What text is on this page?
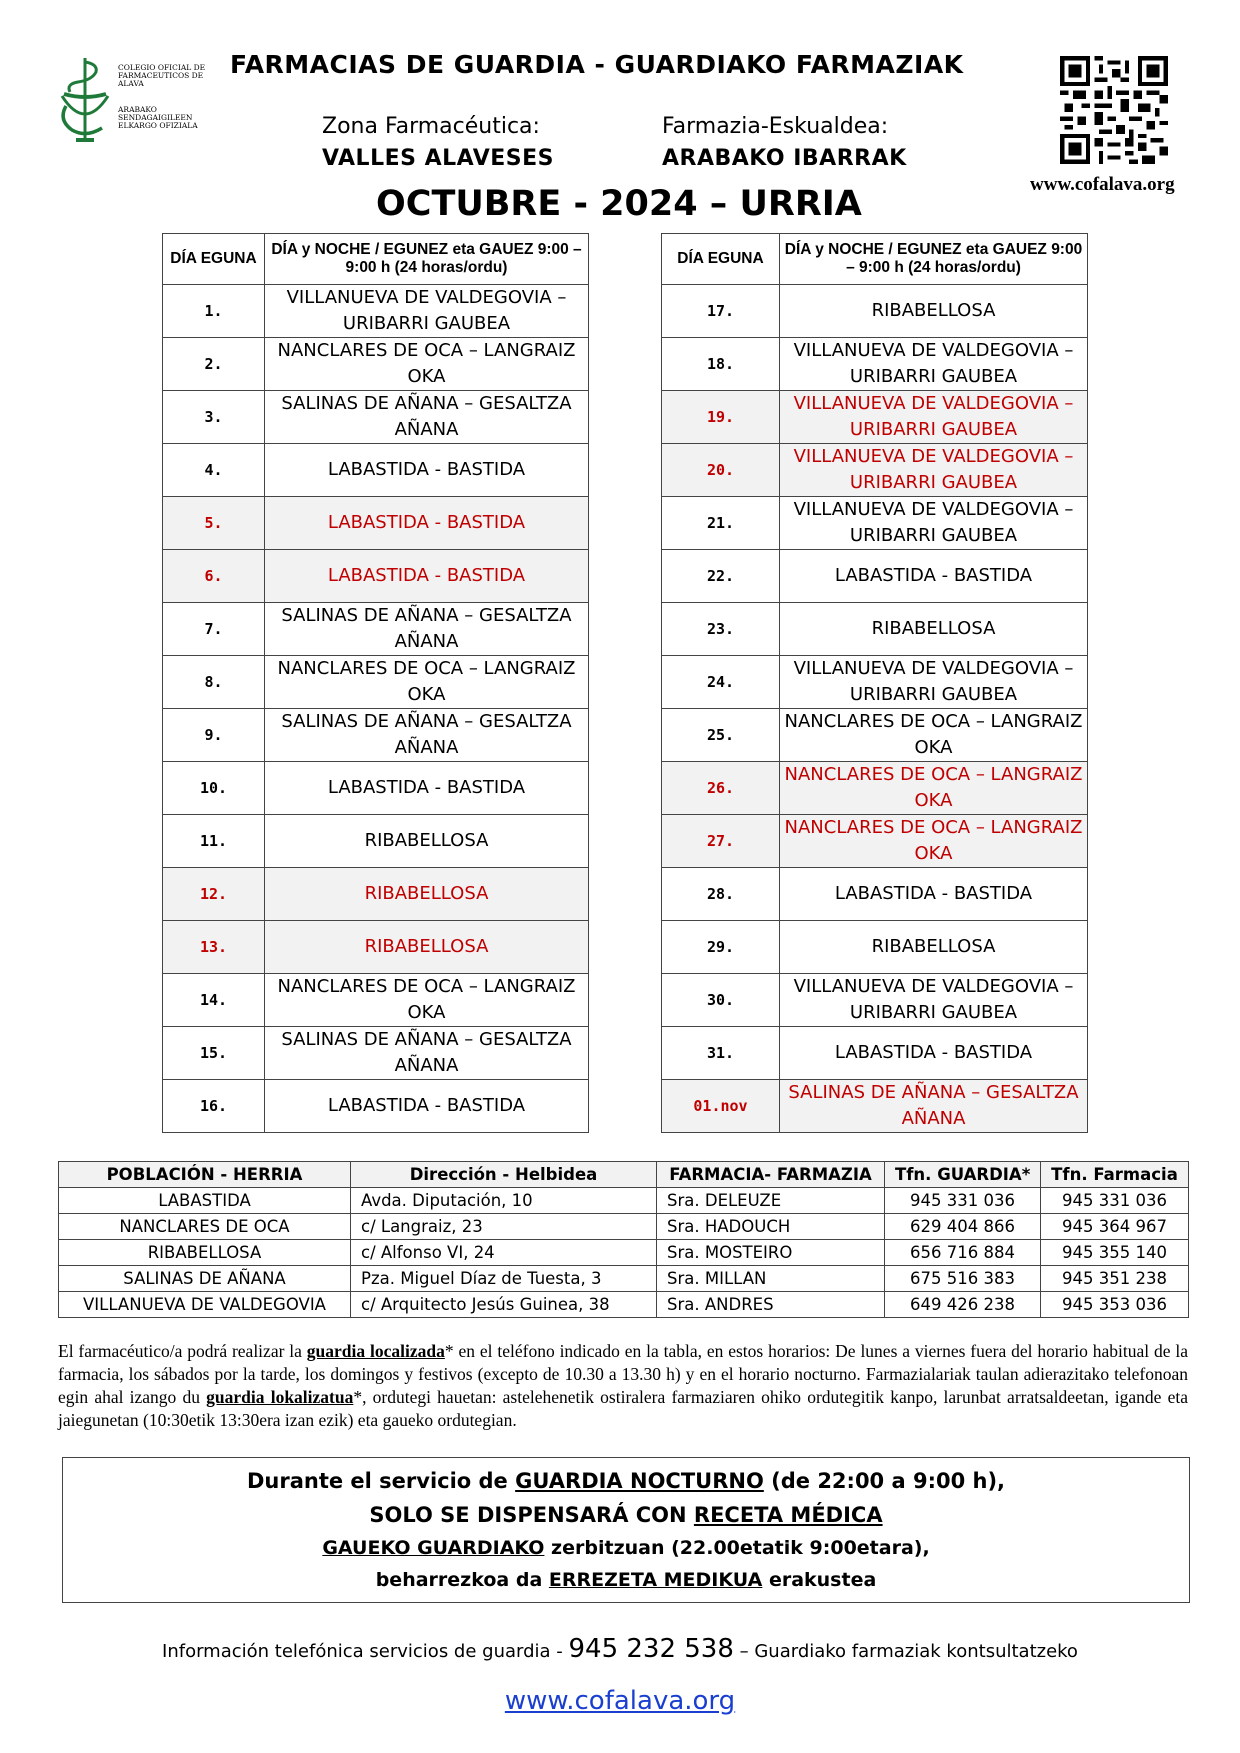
COLEGIO OFICIAL DE FARMACEUTICOS DE ALAVA
ARABAKO SENDAGAIGILEEN ELKARGO OFIZIALA
FARMACIAS DE GUARDIA - GUARDIAKO FARMAZIAK
Zona Farmacéutica:	Farmazia-Eskualdea:
VALLES ALAVESES	ARABAKO IBARRAK
www.cofalava.org
OCTUBRE - 2024 – URRIA
DÍA EGUNA	DÍA y NOCHE / EGUNEZ eta GAUEZ 9:00 – 9:00 h (24 horas/ordu)
1.	VILLANUEVA DE VALDEGOVIA – URIBARRI GAUBEA
2.	NANCLARES DE OCA – LANGRAIZ OKA
3.	SALINAS DE AÑANA – GESALTZA AÑANA
4.	LABASTIDA - BASTIDA
5.	LABASTIDA - BASTIDA
6.	LABASTIDA - BASTIDA
7.	SALINAS DE AÑANA – GESALTZA AÑANA
8.	NANCLARES DE OCA – LANGRAIZ OKA
9.	SALINAS DE AÑANA – GESALTZA AÑANA
10.	LABASTIDA - BASTIDA
11.	RIBABELLOSA
12.	RIBABELLOSA
13.	RIBABELLOSA
14.	NANCLARES DE OCA – LANGRAIZ OKA
15.	SALINAS DE AÑANA – GESALTZA AÑANA
16.	LABASTIDA - BASTIDA
DÍA EGUNA	DÍA y NOCHE / EGUNEZ eta GAUEZ 9:00 – 9:00 h (24 horas/ordu)
17.	RIBABELLOSA
18.	VILLANUEVA DE VALDEGOVIA – URIBARRI GAUBEA
19.	VILLANUEVA DE VALDEGOVIA – URIBARRI GAUBEA
20.	VILLANUEVA DE VALDEGOVIA – URIBARRI GAUBEA
21.	VILLANUEVA DE VALDEGOVIA – URIBARRI GAUBEA
22.	LABASTIDA - BASTIDA
23.	RIBABELLOSA
24.	VILLANUEVA DE VALDEGOVIA – URIBARRI GAUBEA
25.	NANCLARES DE OCA – LANGRAIZ OKA
26.	NANCLARES DE OCA – LANGRAIZ OKA
27.	NANCLARES DE OCA – LANGRAIZ OKA
28.	LABASTIDA - BASTIDA
29.	RIBABELLOSA
30.	VILLANUEVA DE VALDEGOVIA – URIBARRI GAUBEA
31.	LABASTIDA - BASTIDA
01.nov	SALINAS DE AÑANA – GESALTZA AÑANA
POBLACIÓN - HERRIA	Dirección - Helbidea	FARMACIA- FARMAZIA	Tfn. GUARDIA*	Tfn. Farmacia
LABASTIDA	Avda. Diputación, 10	Sra. DELEUZE	945 331 036	945 331 036
NANCLARES DE OCA	c/ Langraiz, 23	Sra. HADOUCH	629 404 866	945 364 967
RIBABELLOSA	c/ Alfonso VI, 24	Sra. MOSTEIRO	656 716 884	945 355 140
SALINAS DE AÑANA	Pza. Miguel Díaz de Tuesta, 3	Sra. MILLAN	675 516 383	945 351 238
VILLANUEVA DE VALDEGOVIA	c/ Arquitecto Jesús Guinea, 38	Sra. ANDRES	649 426 238	945 353 036
El farmacéutico/a podrá realizar la guardia localizada* en el teléfono indicado en la tabla, en estos horarios: De lunes a viernes fuera del horario habitual de la farmacia, los sábados por la tarde, los domingos y festivos (excepto de 10.30 a 13.30 h) y en el horario nocturno. Farmazialariak taulan adierazitako telefonoan egin ahal izango du guardia lokalizatua*, ordutegi hauetan: astelehenetik ostiralera farmaziaren ohiko ordutegitik kanpo, larunbat arratsaldeetan, igande eta jaiegunetan (10:30etik 13:30era izan ezik) eta gaueko ordutegian.
Durante el servicio de GUARDIA NOCTURNO (de 22:00 a 9:00 h),
SOLO SE DISPENSARÁ CON RECETA MÉDICA
GAUEKO GUARDIAKO zerbitzuan (22.00etatik 9:00etara),
beharrezkoa da ERREZETA MEDIKUA erakustea
Información telefónica servicios de guardia - 945 232 538 – Guardiako farmaziak kontsultatzeko
www.cofalava.org
